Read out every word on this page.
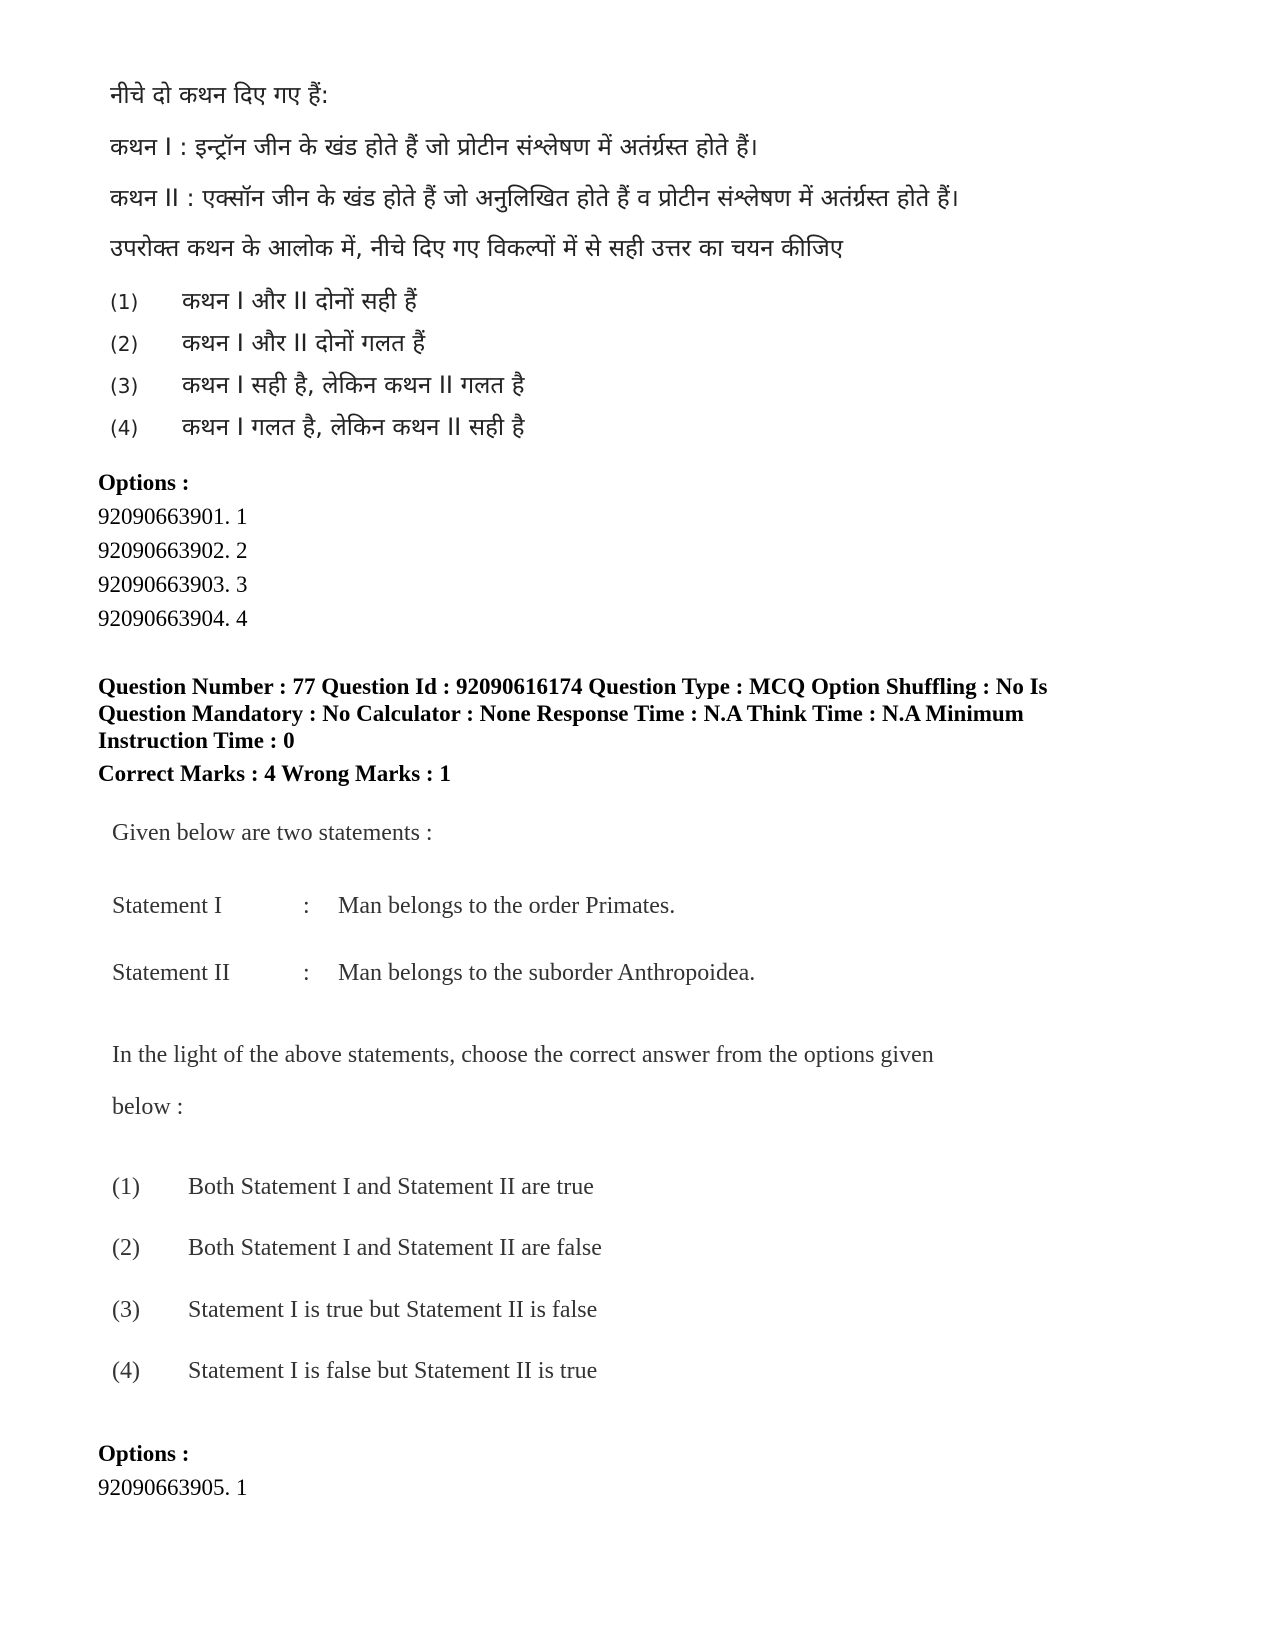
नीचे दो कथन दिए गए हैं:
कथन I : इन्ट्रॉन जीन के खंड होते हैं जो प्रोटीन संश्लेषण में अतंर्ग्रस्त होते हैं।
कथन II : एक्सॉन जीन के खंड होते हैं जो अनुलिखित होते हैं व प्रोटीन संश्लेषण में अतंर्ग्रस्त होते हैं।
उपरोक्त कथन के आलोक में, नीचे दिए गए विकल्पों में से सही उत्तर का चयन कीजिए
(1) कथन I और II दोनों सही हैं
(2) कथन I और II दोनों गलत हैं
(3) कथन I सही है, लेकिन कथन II गलत है
(4) कथन I गलत है, लेकिन कथन II सही है
Options :
92090663901. 1
92090663902. 2
92090663903. 3
92090663904. 4
Question Number : 77 Question Id : 92090616174 Question Type : MCQ Option Shuffling : No Is
Question Mandatory : No Calculator : None Response Time : N.A Think Time : N.A Minimum
Instruction Time : 0
Correct Marks : 4 Wrong Marks : 1
Given below are two statements :
Statement I	: Man belongs to the order Primates.
Statement II	: Man belongs to the suborder Anthropoidea.
In the light of the above statements, choose the correct answer from the options given
below :
(1) Both Statement I and Statement II are true
(2) Both Statement I and Statement II are false
(3) Statement I is true but Statement II is false
(4) Statement I is false but Statement II is true
Options :
92090663905. 1
